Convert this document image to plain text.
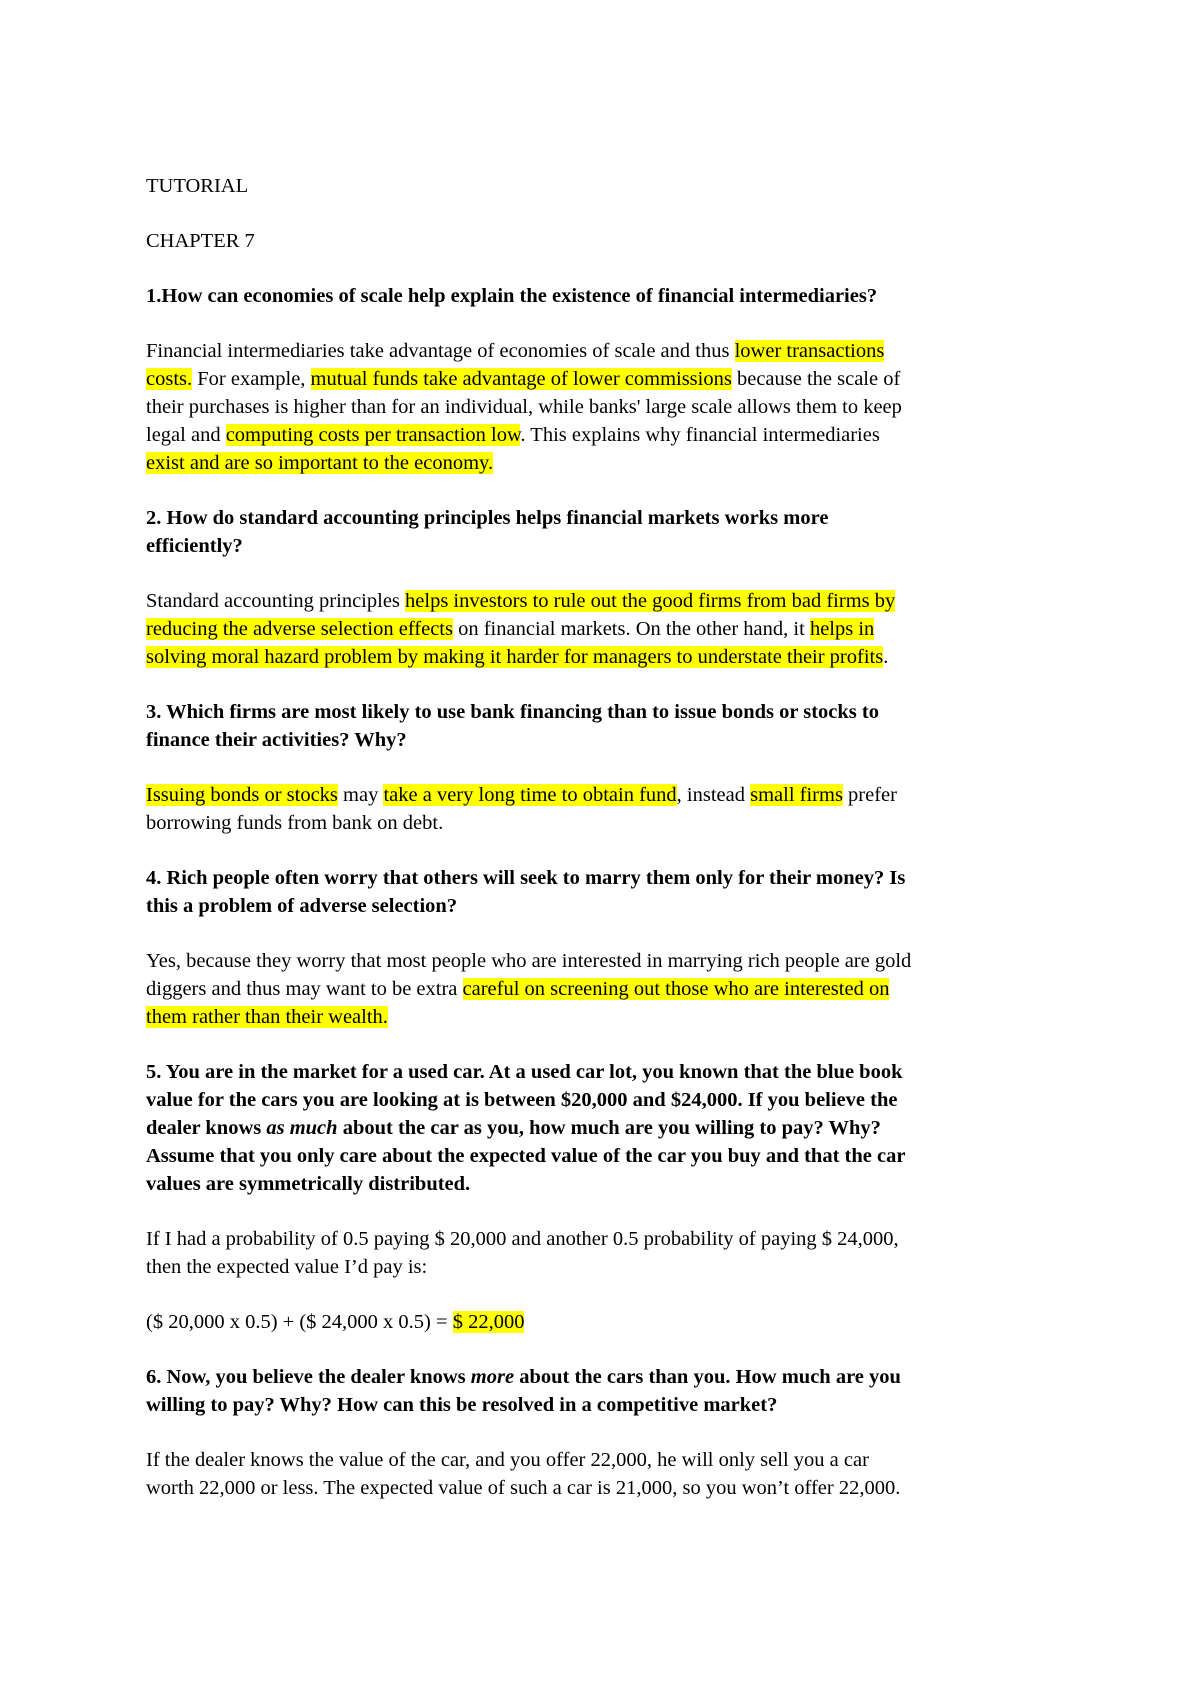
TUTORIAL
CHAPTER 7
1.How can economies of scale help explain the existence of financial intermediaries?
Financial intermediaries take advantage of economies of scale and thus lower transactions
costs. For example, mutual funds take advantage of lower commissions because the scale of
their purchases is higher than for an individual, while banks' large scale allows them to keep
legal and computing costs per transaction low. This explains why financial intermediaries
exist and are so important to the economy.
2. How do standard accounting principles helps financial markets works more
efficiently?
Standard accounting principles helps investors to rule out the good firms from bad firms by
reducing the adverse selection effects on financial markets. On the other hand, it helps in
solving moral hazard problem by making it harder for managers to understate their profits.
3. Which firms are most likely to use bank financing than to issue bonds or stocks to
finance their activities? Why?
Issuing bonds or stocks may take a very long time to obtain fund, instead small firms prefer
borrowing funds from bank on debt.
4. Rich people often worry that others will seek to marry them only for their money? Is
this a problem of adverse selection?
Yes, because they worry that most people who are interested in marrying rich people are gold
diggers and thus may want to be extra careful on screening out those who are interested on
them rather than their wealth.
5. You are in the market for a used car. At a used car lot, you known that the blue book
value for the cars you are looking at is between $20,000 and $24,000. If you believe the
dealer knows as much about the car as you, how much are you willing to pay? Why?
Assume that you only care about the expected value of the car you buy and that the car
values are symmetrically distributed.
If I had a probability of 0.5 paying $ 20,000 and another 0.5 probability of paying $ 24,000,
then the expected value I’d pay is:
($ 20,000 x 0.5) + ($ 24,000 x 0.5) = $ 22,000
6. Now, you believe the dealer knows more about the cars than you. How much are you
willing to pay? Why? How can this be resolved in a competitive market?
If the dealer knows the value of the car, and you offer 22,000, he will only sell you a car
worth 22,000 or less. The expected value of such a car is 21,000, so you won’t offer 22,000.
